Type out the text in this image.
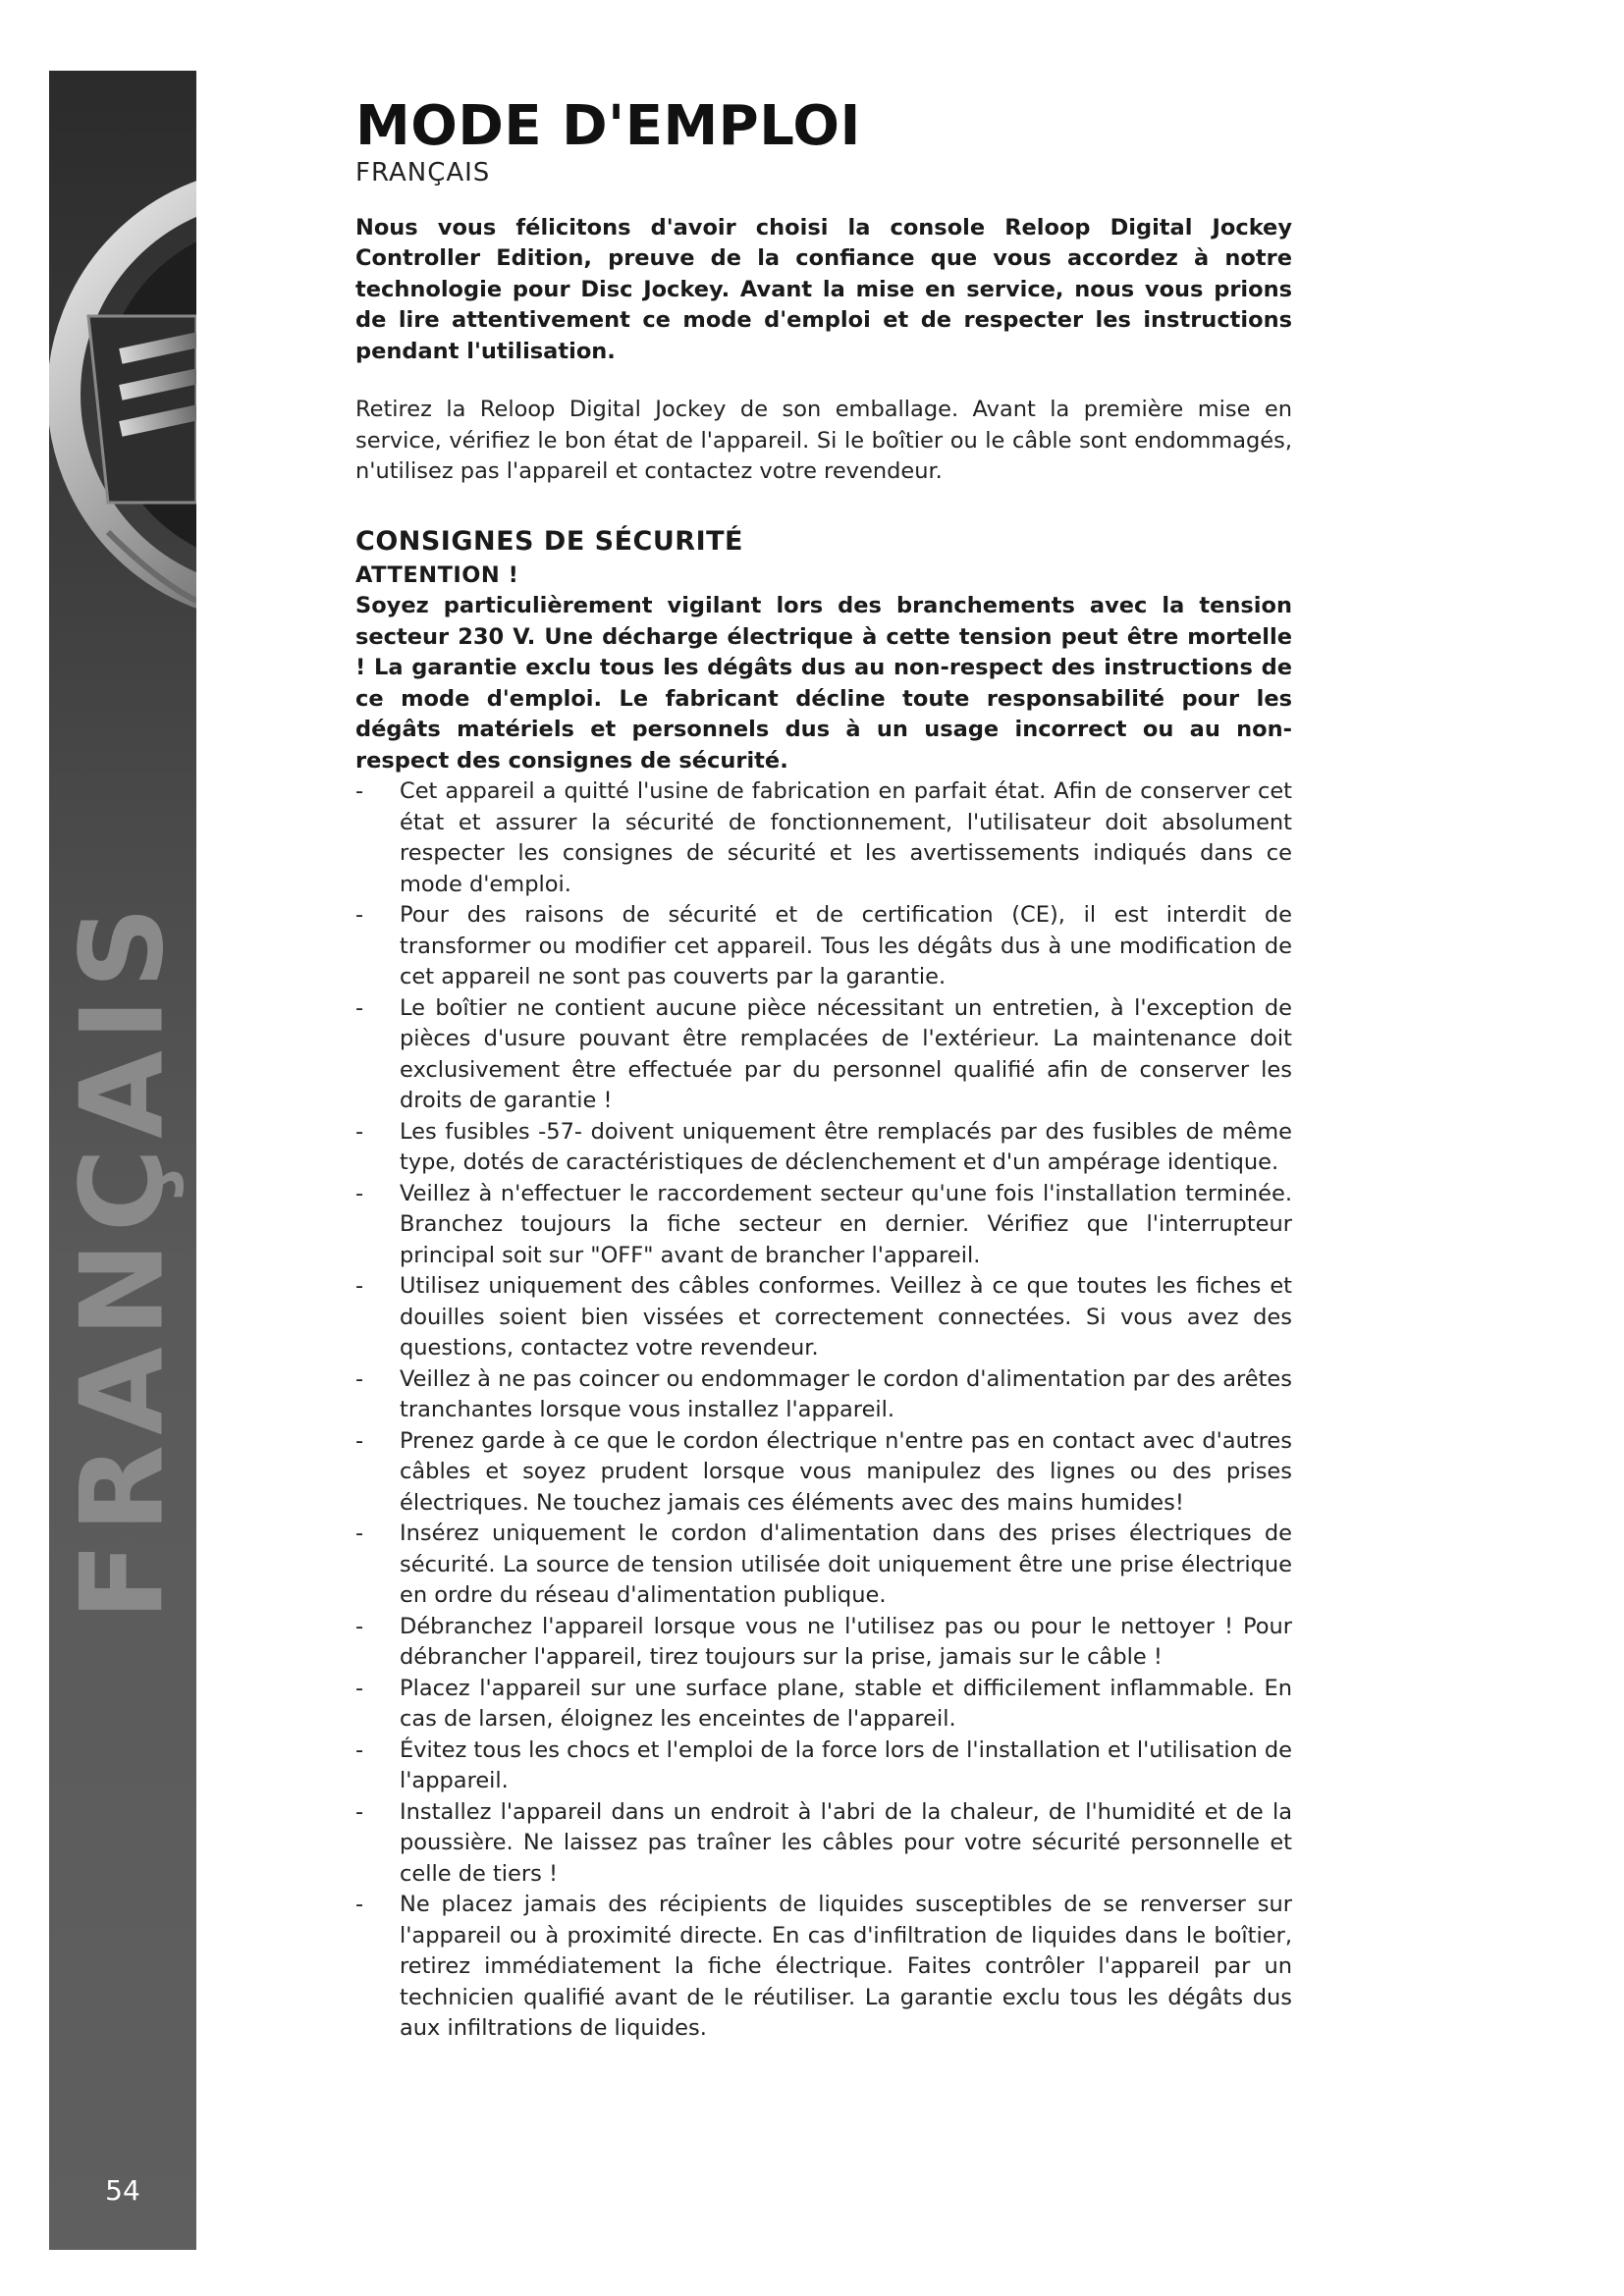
FRANÇAIS
54
MODE D'EMPLOI
FRANÇAIS

Nous vous félicitons d'avoir choisi la console Reloop Digital Jockey Controller Edition, preuve de la confiance que vous accordez à notre technologie pour Disc Jockey. Avant la mise en service, nous vous prions de lire attentivement ce mode d'emploi et de respecter les instructions pendant l'utilisation.

Retirez la Reloop Digital Jockey de son emballage. Avant la première mise en service, vérifiez le bon état de l'appareil. Si le boîtier ou le câble sont endommagés, n'utilisez pas l'appareil et contactez votre revendeur.

CONSIGNES DE SÉCURITÉ
ATTENTION !

Soyez particulièrement vigilant lors des branchements avec la tension secteur 230 V. Une décharge électrique à cette tension peut être mortelle ! La garantie exclu tous les dégâts dus au non-respect des instructions de ce mode d'emploi. Le fabricant décline toute responsabilité pour les dégâts matériels et personnels dus à un usage incorrect ou au non-respect des consignes de sécurité.

- Cet appareil a quitté l'usine de fabrication en parfait état. Afin de conserver cet état et assurer la sécurité de fonctionnement, l'utilisateur doit absolument respecter les consignes de sécurité et les avertissements indiqués dans ce mode d'emploi.
- Pour des raisons de sécurité et de certification (CE), il est interdit de transformer ou modifier cet appareil. Tous les dégâts dus à une modification de cet appareil ne sont pas couverts par la garantie.
- Le boîtier ne contient aucune pièce nécessitant un entretien, à l'exception de pièces d'usure pouvant être remplacées de l'extérieur. La maintenance doit exclusivement être effectuée par du personnel qualifié afin de conserver les droits de garantie !
- Les fusibles -57- doivent uniquement être remplacés par des fusibles de même type, dotés de caractéristiques de déclenchement et d'un ampérage identique.
- Veillez à n'effectuer le raccordement secteur qu'une fois l'installation terminée. Branchez toujours la fiche secteur en dernier. Vérifiez que l'interrupteur principal soit sur "OFF" avant de brancher l'appareil.
- Utilisez uniquement des câbles conformes. Veillez à ce que toutes les fiches et douilles soient bien vissées et correctement connectées. Si vous avez des questions, contactez votre revendeur.
- Veillez à ne pas coincer ou endommager le cordon d'alimentation par des arêtes tranchantes lorsque vous installez l'appareil.
- Prenez garde à ce que le cordon électrique n'entre pas en contact avec d'autres câbles et soyez prudent lorsque vous manipulez des lignes ou des prises électriques. Ne touchez jamais ces éléments avec des mains humides!
- Insérez uniquement le cordon d'alimentation dans des prises électriques de sécurité. La source de tension utilisée doit uniquement être une prise électrique en ordre du réseau d'alimentation publique.
- Débranchez l'appareil lorsque vous ne l'utilisez pas ou pour le nettoyer ! Pour débrancher l'appareil, tirez toujours sur la prise, jamais sur le câble !
- Placez l'appareil sur une surface plane, stable et difficilement inflammable. En cas de larsen, éloignez les enceintes de l'appareil.
- Évitez tous les chocs et l'emploi de la force lors de l'installation et l'utilisation de l'appareil.
- Installez l'appareil dans un endroit à l'abri de la chaleur, de l'humidité et de la poussière. Ne laissez pas traîner les câbles pour votre sécurité personnelle et celle de tiers !
- Ne placez jamais des récipients de liquides susceptibles de se renverser sur l'appareil ou à proximité directe. En cas d'infiltration de liquides dans le boîtier, retirez immédiatement la fiche électrique. Faites contrôler l'appareil par un technicien qualifié avant de le réutiliser. La garantie exclu tous les dégâts dus aux infiltrations de liquides.
